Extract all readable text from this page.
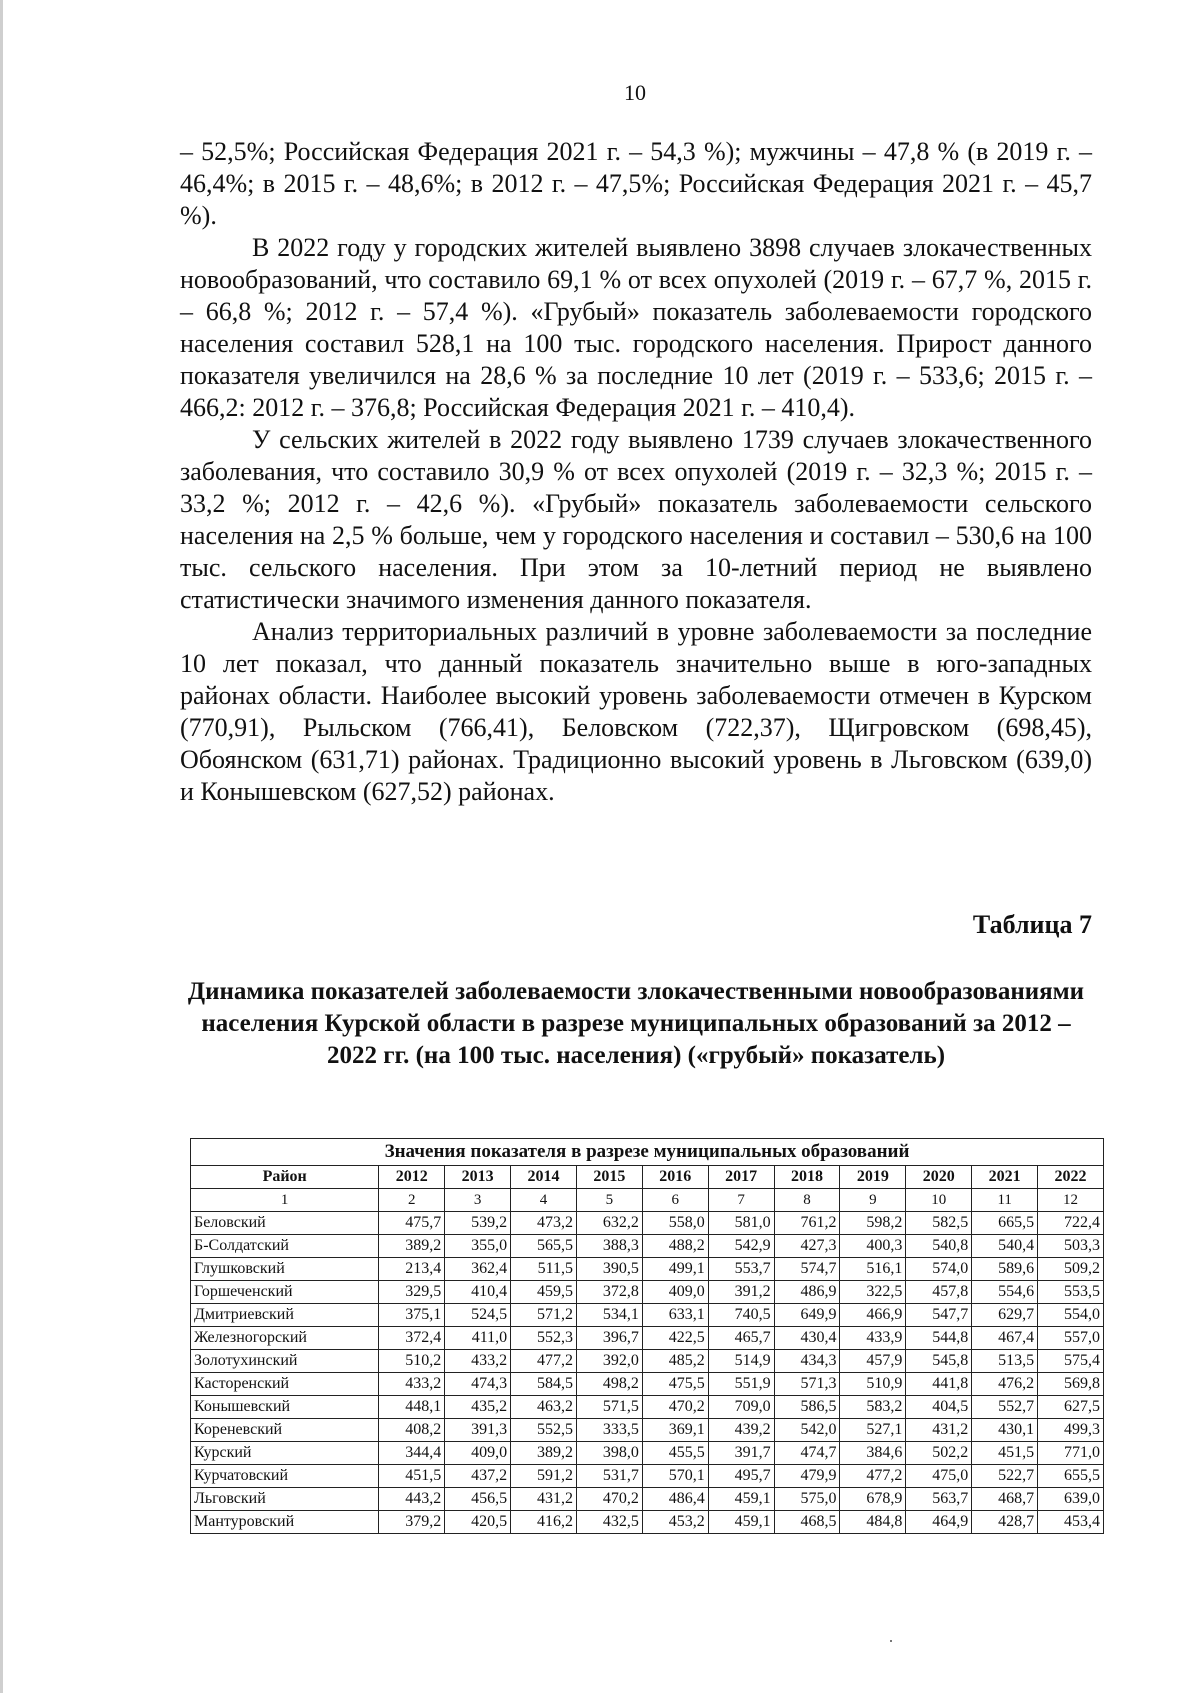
10

– 52,5%; Российская Федерация 2021 г. – 54,3 %); мужчины – 47,8 % (в 2019 г. – 46,4%; в 2015 г. – 48,6%; в 2012 г. – 47,5%; Российская Федерация 2021 г. – 45,7 %).

В 2022 году у городских жителей выявлено 3898 случаев злокачественных новообразований, что составило 69,1 % от всех опухолей (2019 г. – 67,7 %, 2015 г. – 66,8 %; 2012 г. – 57,4 %). «Грубый» показатель заболеваемости городского населения составил 528,1 на 100 тыс. городского населения. Прирост данного показателя увеличился на 28,6 % за последние 10 лет (2019 г. – 533,6; 2015 г. – 466,2: 2012 г. – 376,8; Российская Федерация 2021 г. – 410,4).

У сельских жителей в 2022 году выявлено 1739 случаев злокачественного заболевания, что составило 30,9 % от всех опухолей (2019 г. – 32,3 %; 2015 г. – 33,2 %; 2012 г. – 42,6 %). «Грубый» показатель заболеваемости сельского населения на 2,5 % больше, чем у городского населения и составил – 530,6 на 100 тыс. сельского населения. При этом за 10-летний период не выявлено статистически значимого изменения данного показателя.

Анализ территориальных различий в уровне заболеваемости за последние 10 лет показал, что данный показатель значительно выше в юго-западных районах области. Наиболее высокий уровень заболеваемости отмечен в Курском (770,91), Рыльском (766,41), Беловском (722,37), Щигровском (698,45), Обоянском (631,71) районах. Традиционно высокий уровень в Льговском (639,0) и Конышевском (627,52) районах.

Таблица 7
Динамика показателей заболеваемости злокачественными новообразованиями населения Курской области в разрезе муниципальных образований за 2012 – 2022 гг. (на 100 тыс. населения) («грубый» показатель)
Значения показателя в разрезе муниципальных образований											
Район	2012	2013	2014	2015	2016	2017	2018	2019	2020	2021	2022
1	2	3	4	5	6	7	8	9	10	11	12
Беловский	475,7	539,2	473,2	632,2	558,0	581,0	761,2	598,2	582,5	665,5	722,4
Б-Солдатский	389,2	355,0	565,5	388,3	488,2	542,9	427,3	400,3	540,8	540,4	503,3
Глушковский	213,4	362,4	511,5	390,5	499,1	553,7	574,7	516,1	574,0	589,6	509,2
Горшеченский	329,5	410,4	459,5	372,8	409,0	391,2	486,9	322,5	457,8	554,6	553,5
Дмитриевский	375,1	524,5	571,2	534,1	633,1	740,5	649,9	466,9	547,7	629,7	554,0
Железногорский	372,4	411,0	552,3	396,7	422,5	465,7	430,4	433,9	544,8	467,4	557,0
Золотухинский	510,2	433,2	477,2	392,0	485,2	514,9	434,3	457,9	545,8	513,5	575,4
Касторенский	433,2	474,3	584,5	498,2	475,5	551,9	571,3	510,9	441,8	476,2	569,8
Конышевский	448,1	435,2	463,2	571,5	470,2	709,0	586,5	583,2	404,5	552,7	627,5
Кореневский	408,2	391,3	552,5	333,5	369,1	439,2	542,0	527,1	431,2	430,1	499,3
Курский	344,4	409,0	389,2	398,0	455,5	391,7	474,7	384,6	502,2	451,5	771,0
Курчатовский	451,5	437,2	591,2	531,7	570,1	495,7	479,9	477,2	475,0	522,7	655,5
Льговский	443,2	456,5	431,2	470,2	486,4	459,1	575,0	678,9	563,7	468,7	639,0
Мантуровский	379,2	420,5	416,2	432,5	453,2	459,1	468,5	484,8	464,9	428,7	453,4
